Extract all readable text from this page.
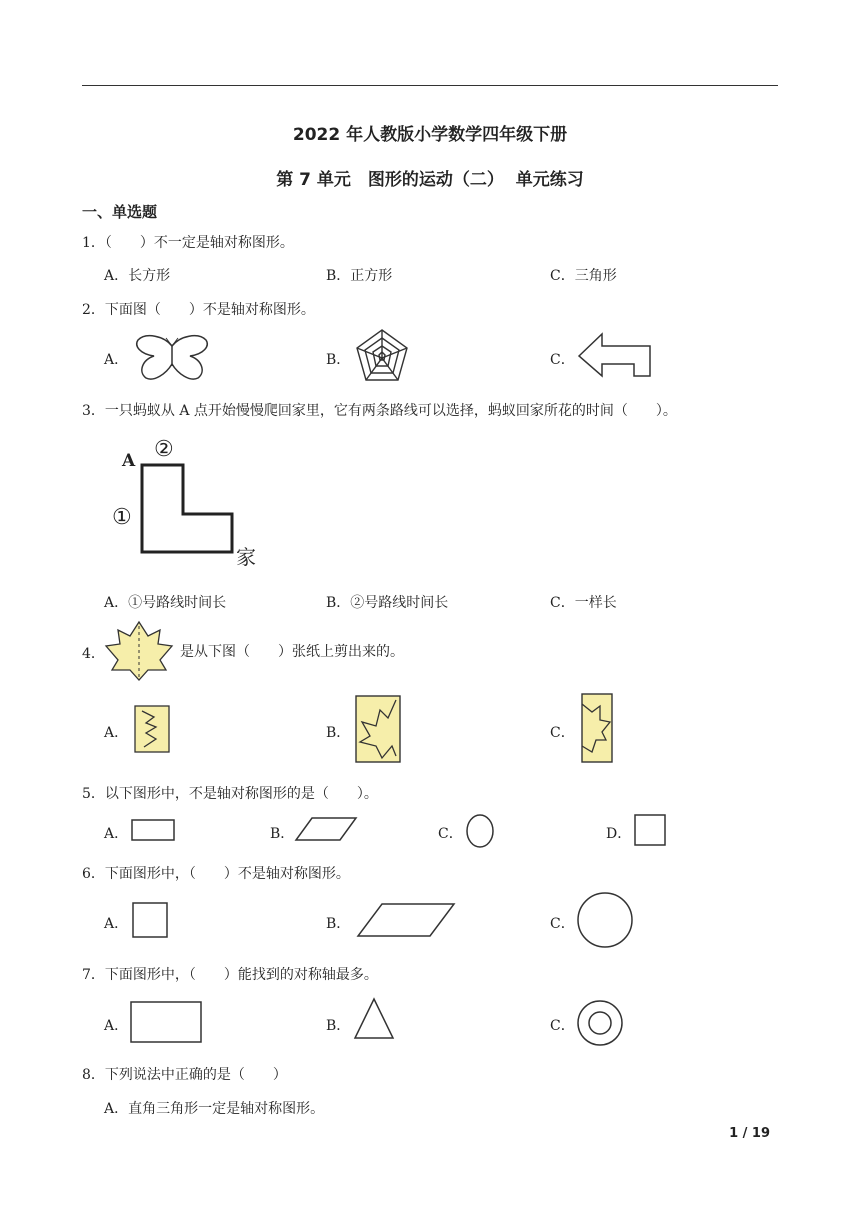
2022 年人教版小学数学四年级下册
第 7 单元　图形的运动（二）  单元练习
一、单选题
1．（　　）不一定是轴对称图形。
A．长方形	B．正方形	C．三角形
2．下面图（　　）不是轴对称图形。
A．	B．	C．
3．一只蚂蚁从 A 点开始慢慢爬回家里，它有两条路线可以选择，蚂蚁回家所花的时间（　　）。
A ②
①
家
A．①号路线时间长	B．②号路线时间长	C．一样长
4．	是从下图（　　）张纸上剪出来的。
A．	B．	C．
5．以下图形中，不是轴对称图形的是（　　）。
A．	B．	C．	D．
6．下面图形中，（　　）不是轴对称图形。
A．	B．	C．
7．下面图形中，（　　）能找到的对称轴最多。
A．	B．	C．
8．下列说法中正确的是（　　）
A．直角三角形一定是轴对称图形。
1 / 19
